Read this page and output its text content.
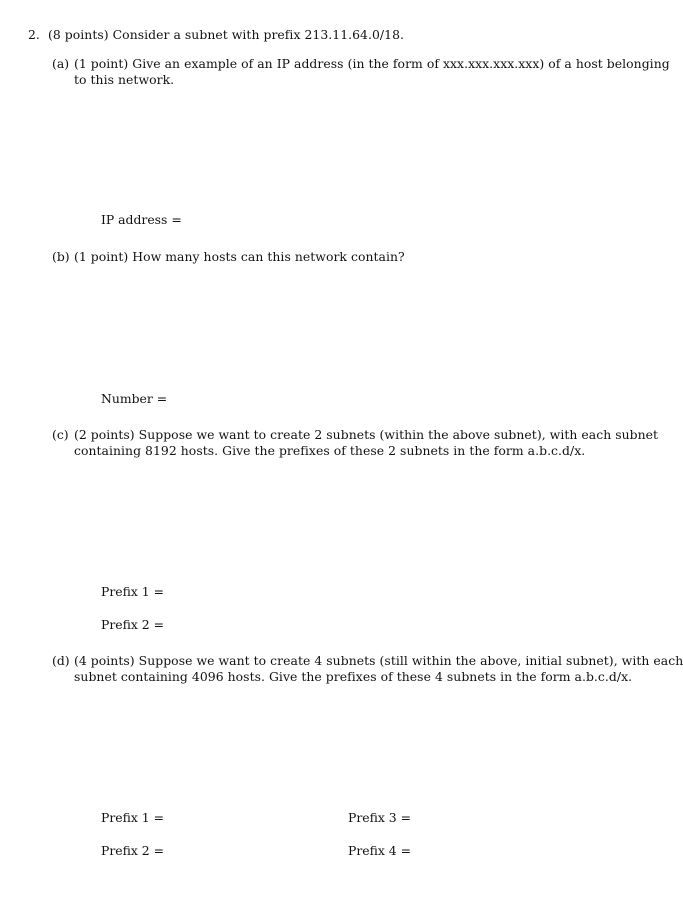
2. (8 points) Consider a subnet with prefix 213.11.64.0/18.
(a) (1 point) Give an example of an IP address (in the form of xxx.xxx.xxx.xxx) of a host belonging
to this network.
IP address =
(b) (1 point) How many hosts can this network contain?
Number =
(c) (2 points) Suppose we want to create 2 subnets (within the above subnet), with each subnet
containing 8192 hosts. Give the prefixes of these 2 subnets in the form a.b.c.d/x.
Prefix 1 =
Prefix 2 =
(d) (4 points) Suppose we want to create 4 subnets (still within the above, initial subnet), with each
subnet containing 4096 hosts. Give the prefixes of these 4 subnets in the form a.b.c.d/x.
Prefix 1 =
Prefix 2 =
Prefix 3 =
Prefix 4 =
